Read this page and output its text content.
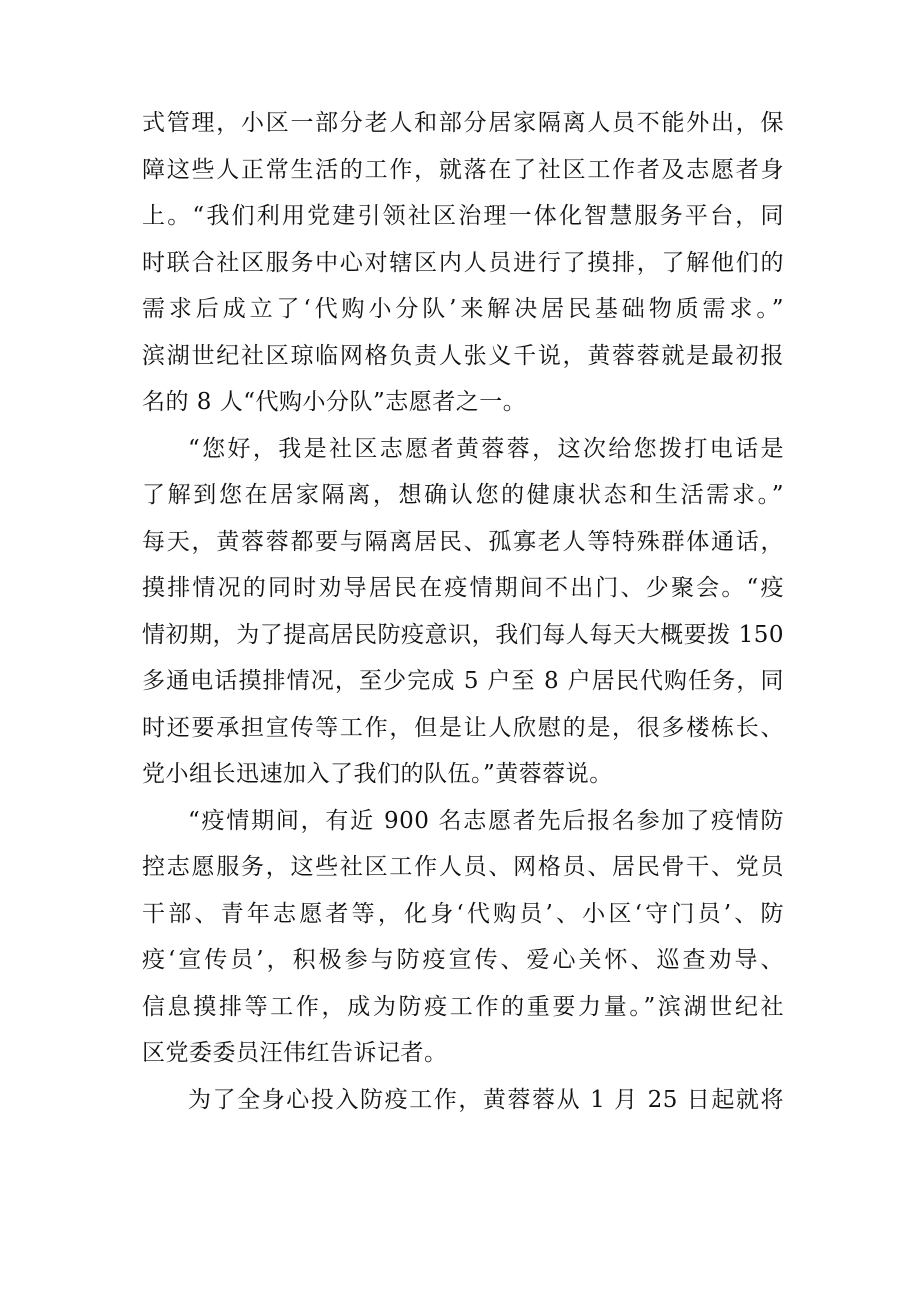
式管理，小区一部分老人和部分居家隔离人员不能外出，保
障这些人正常生活的工作，就落在了社区工作者及志愿者身
上。“我们利用党建引领社区治理一体化智慧服务平台，同
时联合社区服务中心对辖区内人员进行了摸排，了解他们的
需求后成立了‘代购小分队’来解决居民基础物质需求。”
滨湖世纪社区琼临网格负责人张义千说，黄蓉蓉就是最初报
名的 8 人“代购小分队”志愿者之一。
“您好，我是社区志愿者黄蓉蓉，这次给您拨打电话是
了解到您在居家隔离，想确认您的健康状态和生活需求。”
每天，黄蓉蓉都要与隔离居民、孤寡老人等特殊群体通话，
摸排情况的同时劝导居民在疫情期间不出门、少聚会。“疫
情初期，为了提高居民防疫意识，我们每人每天大概要拨 150
多通电话摸排情况，至少完成 5 户至 8 户居民代购任务，同
时还要承担宣传等工作，但是让人欣慰的是，很多楼栋长、
党小组长迅速加入了我们的队伍。”黄蓉蓉说。
“疫情期间，有近 900 名志愿者先后报名参加了疫情防
控志愿服务，这些社区工作人员、网格员、居民骨干、党员
干部、青年志愿者等，化身‘代购员’、小区‘守门员’、防
疫‘宣传员’，积极参与防疫宣传、爱心关怀、巡查劝导、
信息摸排等工作，成为防疫工作的重要力量。”滨湖世纪社
区党委委员汪伟红告诉记者。
为了全身心投入防疫工作，黄蓉蓉从 1 月 25 日起就将
